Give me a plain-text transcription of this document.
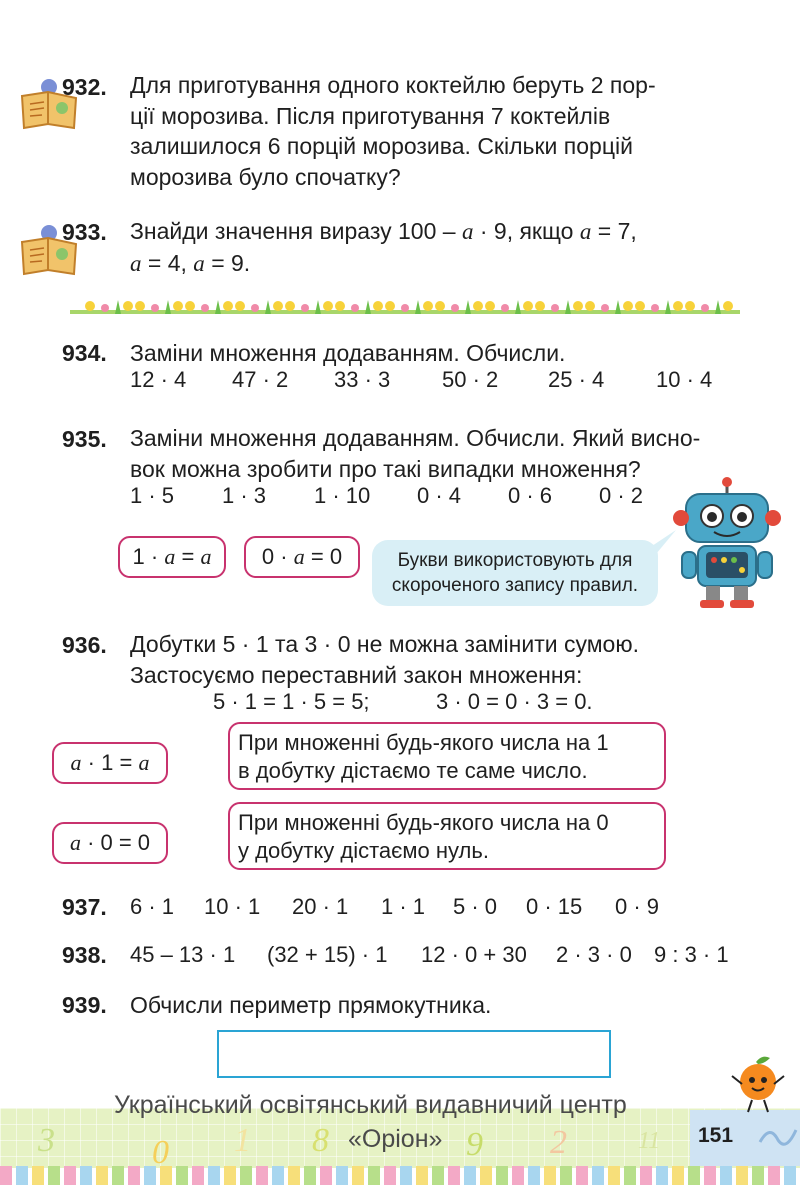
932. Для приготування одного коктейлю беруть 2 пор-
ції морозива. Після приготування 7 коктейлів
залишилося 6 порцій морозива. Скільки порцій
морозива було спочатку?
933. Знайди значення виразу 100 – a · 9, якщо a = 7,
a = 4, a = 9.
934. Заміни множення додаванням. Обчисли.
12 · 4 47 · 2 33 · 3 50 · 2 25 · 4 10 · 4
935. Заміни множення додаванням. Обчисли. Який висно-
вок можна зробити про такі випадки множення?
1 · 5 1 · 3 1 · 10 0 · 4 0 · 6 0 · 2
1 ·
a
=
a 0 ·
a
= 0	Букви використовують для
скороченого запису правил.
936. Добутки 5 · 1 та 3 · 0 не можна замінити сумою.
Застосуємо переставний закон множення:
5 · 1 = 1 · 5 = 5;	3 · 0 = 0 · 3 = 0.
a
· 1 =
a
При множенні будь-якого числа на 1
в добутку дістаємо те саме число.
a
· 0 = 0
При множенні будь-якого числа на 0
у добутку дістаємо нуль.
937. 6 · 1 10 · 1 20 · 1 1 · 1 5 · 0 0 · 15 0 · 9
938. 45 – 13 · 1 (32 + 15) · 1 12 · 0 + 30 2 · 3 · 0 9 : 3 · 1
939. Обчисли периметр прямокутника.
3	0 1 8	9 2	11
Український освітянський видавничий центр
«Оріон»	151
